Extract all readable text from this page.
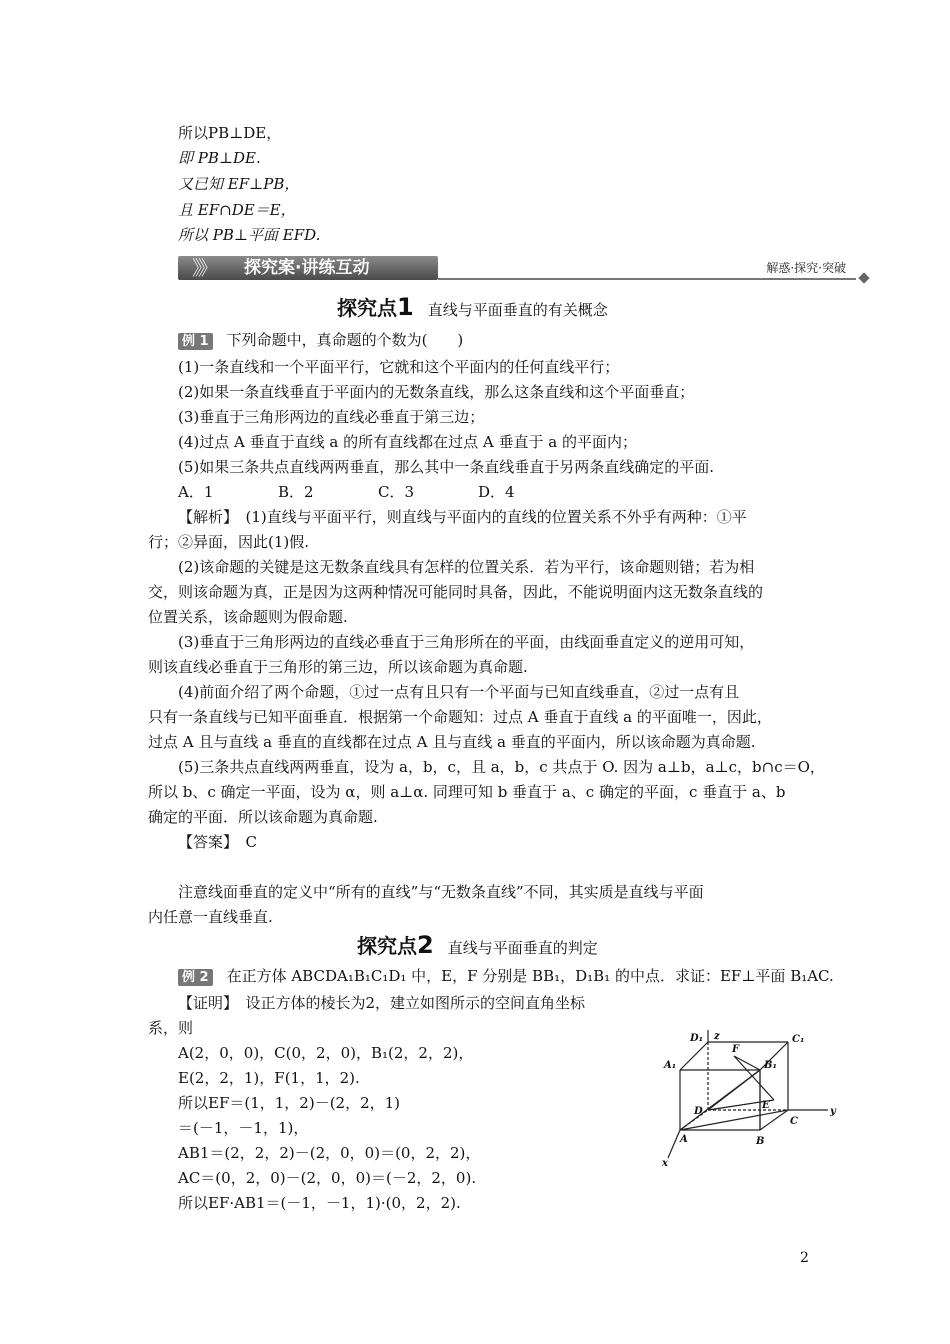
所以PB⊥DE，
即 PB⊥DE.
又已知 EF⊥PB，
且 EF∩DE＝E，
所以 PB⊥平面 EFD.
》》 探究案·讲练互动	解惑·探究·突破
探究点1 直线与平面垂直的有关概念
例 1 下列命题中，真命题的个数为(　　)
(1)一条直线和一个平面平行，它就和这个平面内的任何直线平行；
(2)如果一条直线垂直于平面内的无数条直线，那么这条直线和这个平面垂直；
(3)垂直于三角形两边的直线必垂直于第三边；
(4)过点 A 垂直于直线 a 的所有直线都在过点 A 垂直于 a 的平面内；
(5)如果三条共点直线两两垂直，那么其中一条直线垂直于另两条直线确定的平面.
A．1	B．2	C．3	D．4
【解析】　(1)直线与平面平行，则直线与平面内的直线的位置关系不外乎有两种：①平
行；②异面，因此(1)假.
(2)该命题的关键是这无数条直线具有怎样的位置关系．若为平行，该命题则错；若为相
交，则该命题为真，正是因为这两种情况可能同时具备，因此，不能说明面内这无数条直线的
位置关系，该命题则为假命题.
(3)垂直于三角形两边的直线必垂直于三角形所在的平面，由线面垂直定义的逆用可知，
则该直线必垂直于三角形的第三边，所以该命题为真命题.
(4)前面介绍了两个命题，①过一点有且只有一个平面与已知直线垂直，②过一点有且
只有一条直线与已知平面垂直．根据第一个命题知：过点 A 垂直于直线 a 的平面唯一，因此，
过点 A 且与直线 a 垂直的直线都在过点 A 且与直线 a 垂直的平面内，所以该命题为真命题.
(5)三条共点直线两两垂直，设为 a，b，c，且 a，b，c 共点于 O. 因为 a⊥b，a⊥c，b∩c＝O，
所以 b、c 确定一平面，设为 α，则 a⊥α. 同理可知 b 垂直于 a、c 确定的平面，c 垂直于 a、b
确定的平面．所以该命题为真命题.
【答案】　C
注意线面垂直的定义中“所有的直线”与“无数条直线”不同，其实质是直线与平面
内任意一直线垂直.
探究点2 直线与平面垂直的判定
例 2 在正方体 ABCDA₁B₁C₁D₁ 中，E，F 分别是 BB₁，D₁B₁ 的中点．求证：EF⊥平面 B₁AC.
【证明】　设正方体的棱长为2，建立如图所示的空间直角坐标
系，则
A(2，0，0)，C(0，2，0)，B₁(2，2，2)，
E(2，2，1)，F(1，1，2).
所以EF＝(1，1，2)－(2，2，1)
＝(－1，－1，1)，
AB1＝(2，2，2)－(2，0，0)＝(0，2，2)，
AC＝(0，2，0)－(2，0，0)＝(－2，2，0).
所以EF·AB1＝(－1，－1，1)·(0，2，2).
z
y
x
D₁	C₁
A₁	B₁
F
D
E
C
A	B
2
